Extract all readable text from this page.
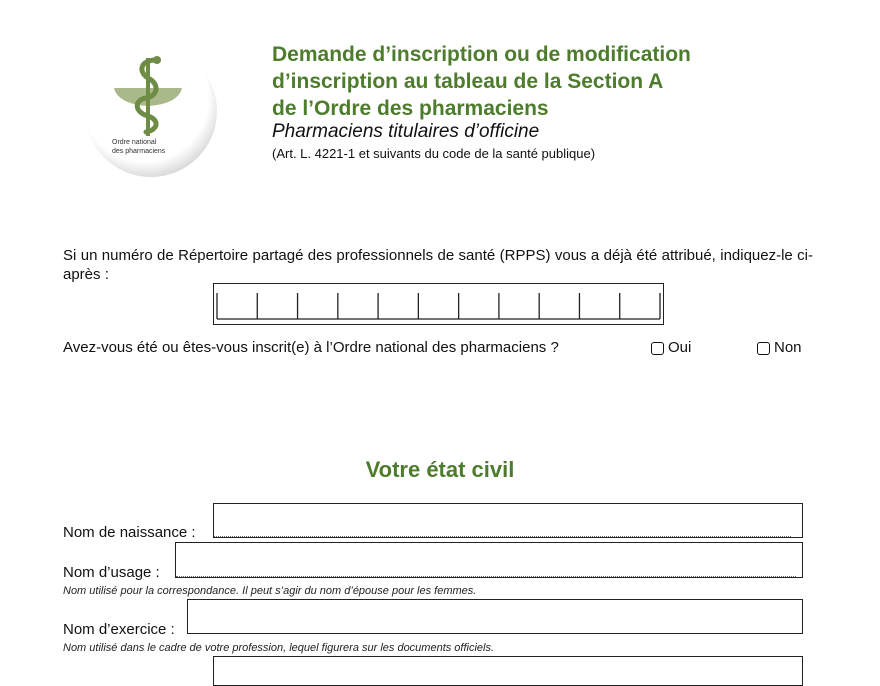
Ordre national
des pharmaciens
Demande d’inscription ou de modification
d’inscription au tableau de la Section A
de l’Ordre des pharmaciens
Pharmaciens titulaires d’officine
(Art. L. 4221-1 et suivants du code de la santé publique)
Si un numéro de Répertoire partagé des professionnels de santé (RPPS) vous a déjà été attribué, indiquez-le ci-après :
Avez-vous été ou êtes-vous inscrit(e) à l’Ordre national des pharmaciens ?	Oui	Non
Votre état civil
Nom de naissance :
Nom d’usage :
Nom utilisé pour la correspondance. Il peut s’agir du nom d’épouse pour les femmes.
Nom d’exercice :
Nom utilisé dans le cadre de votre profession, lequel figurera sur les documents officiels.
